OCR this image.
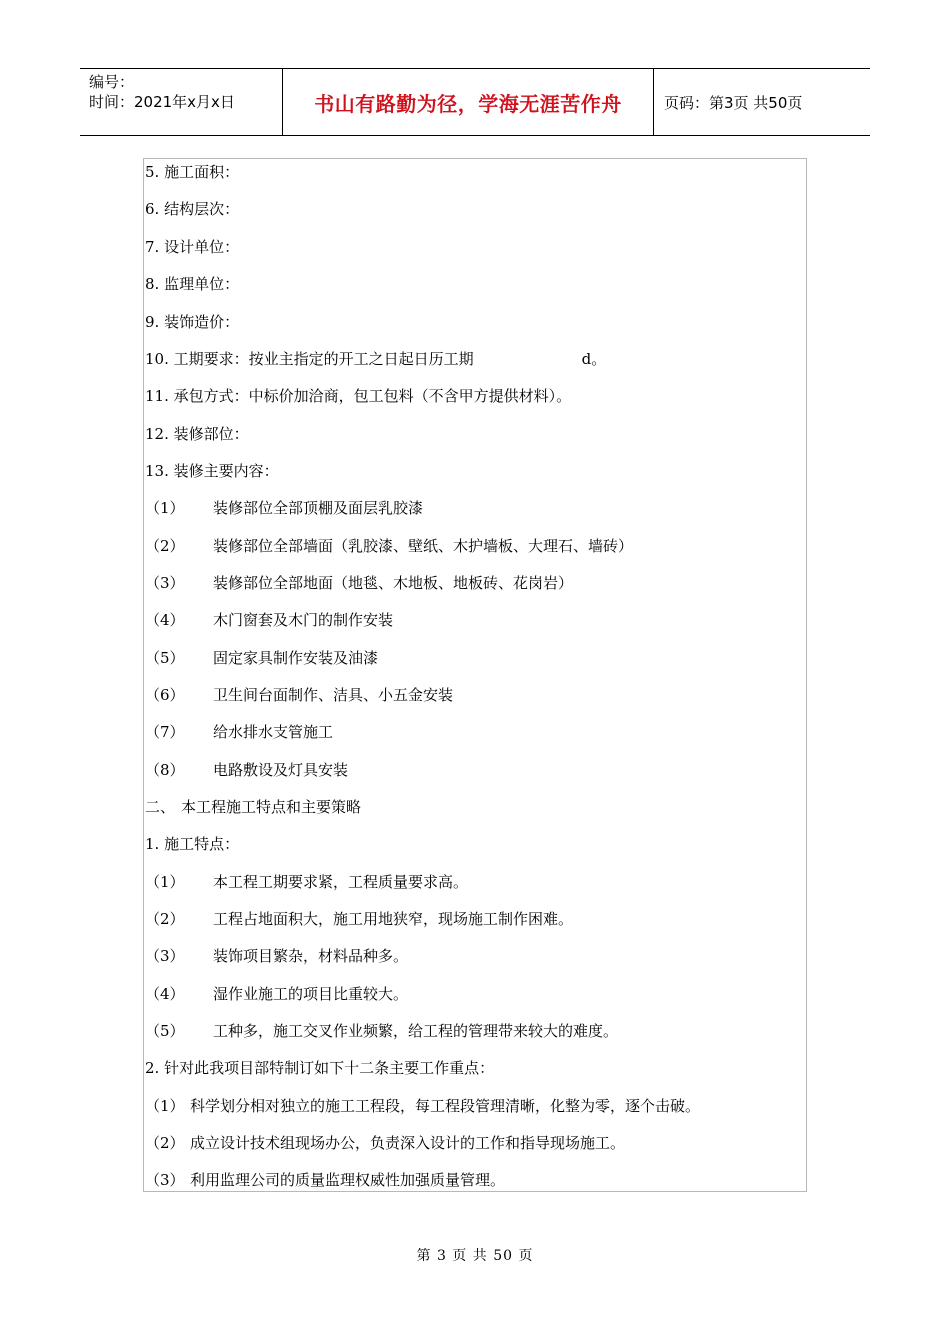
编号：
时间：2021年x月x日	书山有路勤为径，学海无涯苦作舟	页码：第3页 共50页
5. 施工面积：
6. 结构层次：
7. 设计单位：
8. 监理单位：
9. 装饰造价：
10. 工期要求：按业主指定的开工之日起日历工期	d。
11. 承包方式：中标价加洽商，包工包料（不含甲方提供材料）。
12. 装修部位：
13. 装修主要内容：
（1） 装修部位全部顶棚及面层乳胶漆
（2） 装修部位全部墙面（乳胶漆、壁纸、木护墙板、大理石、墙砖）
（3） 装修部位全部地面（地毯、木地板、地板砖、花岗岩）
（4） 木门窗套及木门的制作安装
（5） 固定家具制作安装及油漆
（6） 卫生间台面制作、洁具、小五金安装
（7） 给水排水支管施工
（8） 电路敷设及灯具安装
二、 本工程施工特点和主要策略
1. 施工特点：
（1） 本工程工期要求紧，工程质量要求高。
（2） 工程占地面积大，施工用地狭窄，现场施工制作困难。
（3） 装饰项目繁杂，材料品种多。
（4） 湿作业施工的项目比重较大。
（5） 工种多，施工交叉作业频繁，给工程的管理带来较大的难度。
2. 针对此我项目部特制订如下十二条主要工作重点：
（1） 科学划分相对独立的施工工程段，每工程段管理清晰，化整为零，逐个击破。
（2） 成立设计技术组现场办公，负责深入设计的工作和指导现场施工。
（3） 利用监理公司的质量监理权威性加强质量管理。
第 3 页 共 50 页
